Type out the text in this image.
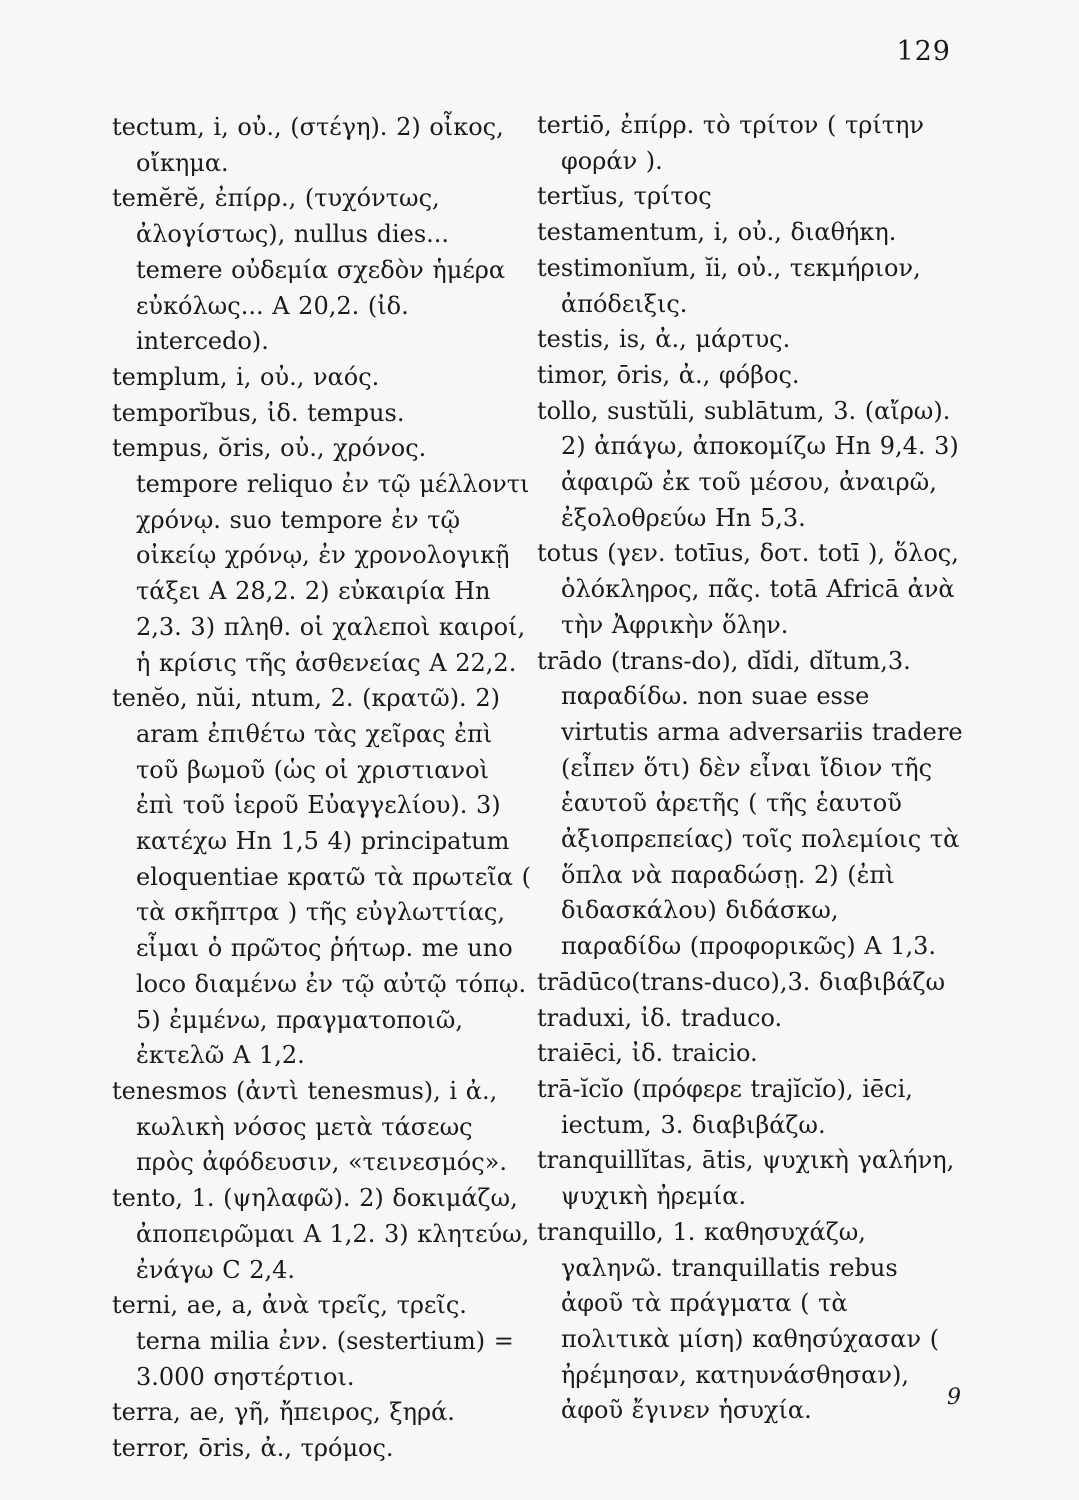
129

tectum, i, οὐ., (στέγη). 2) οἶκος, οἴκημα.

temĕrĕ, ἐπίρρ., (τυχόντως, ἀλογίστως), nullus dies... temere οὐδεμία σχεδὸν ἡμέρα εὐκόλως... Α 20,2. (ἰδ. intercedo).

templum, i, οὐ., ναός.

temporĭbus, ἰδ. tempus.

tempus, ŏris, οὐ., χρόνος. tempore reliquo ἐν τῷ μέλλοντι χρόνῳ. suo tempore ἐν τῷ οἰκείῳ χρόνῳ, ἐν χρονολογικῇ τάξει Α 28,2. 2) εὐκαιρία Ηn 2,3. 3) πληθ. οἱ χαλεποὶ καιροί, ἡ κρίσις τῆς ἀσθενείας Α 22,2.

tenĕo, nŭi, ntum, 2. (κρατῶ). 2) aram ἐπιθέτω τὰς χεῖρας ἐπὶ τοῦ βωμοῦ (ὡς οἱ χριστιανοὶ ἐπὶ τοῦ ἱεροῦ Εὐαγγελίου). 3) κατέχω Ηn 1,5 4) principatum eloquentiae κρατῶ τὰ πρωτεῖα ( τὰ σκῆπτρα ) τῆς εὐγλωττίας, εἶμαι ὁ πρῶτος ῥήτωρ. me uno loco διαμένω ἐν τῷ αὐτῷ τόπῳ. 5) ἐμμένω, πραγματοποιῶ, ἐκτελῶ Α 1,2.

tenesmos (ἀντὶ tenesmus), i ἀ., κωλικὴ νόσος μετὰ τάσεως πρὸς ἀφόδευσιν, «τεινεσμός».

tento, 1. (ψηλαφῶ). 2) δοκιμάζω, ἀποπειρῶμαι Α 1,2. 3) κλητεύω, ἐνάγω C 2,4.

terni, ae, a, ἀνὰ τρεῖς, τρεῖς. terna milia ἐνν. (sestertium) = 3.000 σηστέρτιοι.

terra, ae, γῆ, ἤπειρος, ξηρά.

terror, ōris, ἀ., τρόμος.

tertiō, ἐπίρρ. τὸ τρίτον ( τρίτην φοράν ).

tertĭus, τρίτος

testamentum, i, οὐ., διαθήκη.

testimonĭum, ĭi, οὐ., τεκμήριον, ἀπόδειξις.

testis, is, ἀ., μάρτυς.

timor, ōris, ἀ., φόβος.

tollo, sustŭli, sublātum, 3. (αἴρω). 2) ἀπάγω, ἀποκομίζω Ηn 9,4. 3) ἀφαιρῶ ἐκ τοῦ μέσου, ἀναιρῶ, ἐξολοθρεύω Ηn 5,3.

totus (γεν. totīus, δοτ. totī ), ὅλος, ὁλόκληρος, πᾶς. totā Africā ἀνὰ τὴν Ἀφρικὴν ὅλην.

trādo (trans-do), dĭdi, dĭtum,3. παραδίδω. non suae esse virtutis arma adversariis tradere (εἶπεν ὅτι) δὲν εἶναι ἴδιον τῆς ἑαυτοῦ ἀρετῆς ( τῆς ἑαυτοῦ ἀξιοπρεπείας) τοῖς πολεμίοις τὰ ὅπλα νὰ παραδώσῃ. 2) (ἐπὶ διδασκάλου) διδάσκω, παραδίδω (προφορικῶς) Α 1,3.

trādūco(trans-duco),3. διαβιβάζω

traduxi, ἰδ. traduco.

traiēci, ἰδ. traicio.

trā-ĭcĭo (πρόφερε trajĭcĭo), iēci, iectum, 3. διαβιβάζω.

tranquillĭtas, ātis, ψυχικὴ γαλήνη, ψυχικὴ ἠρεμία.

tranquillo, 1. καθησυχάζω, γαληνῶ. tranquillatis rebus ἀφοῦ τὰ πράγματα ( τὰ πολιτικὰ μίση) καθησύχασαν ( ἠρέμησαν, κατηυνάσθησαν), ἀφοῦ ἔγινεν ἡσυχία.	9
